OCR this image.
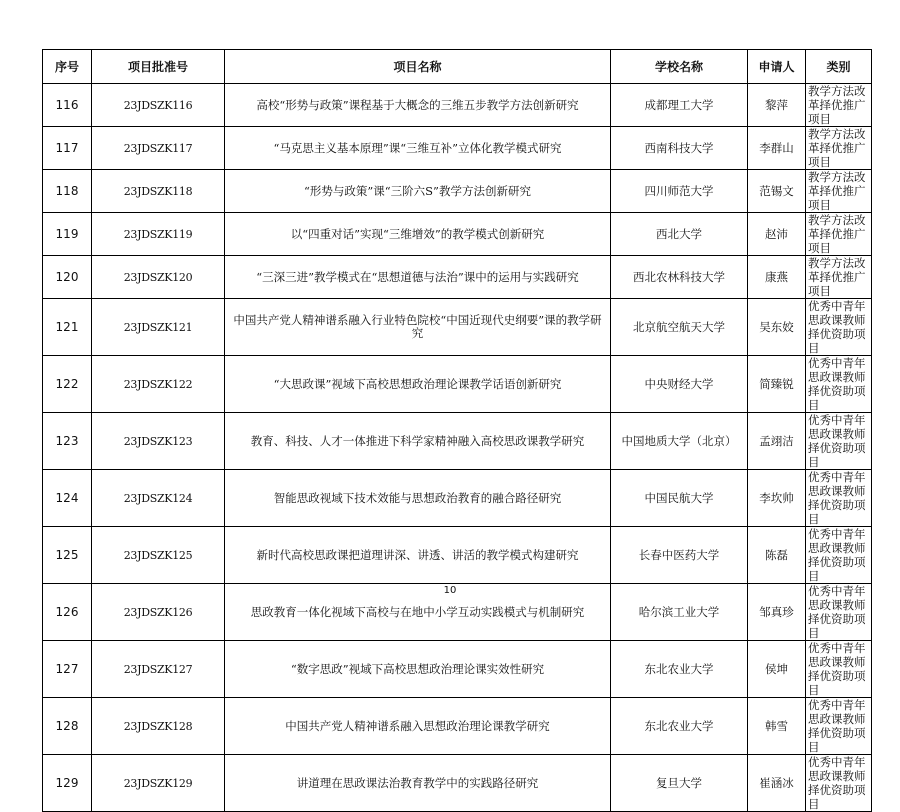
序号	项目批准号	项目名称	学校名称	申请人	类别
116	23JDSZK116	高校“形势与政策”课程基于大概念的三维五步教学方法创新研究	成都理工大学	黎萍	教学方法改革择优推广项目
117	23JDSZK117	“马克思主义基本原理”课“三维互补”立体化教学模式研究	西南科技大学	李群山	教学方法改革择优推广项目
118	23JDSZK118	“形势与政策”课“三阶六S”教学方法创新研究	四川师范大学	范锡文	教学方法改革择优推广项目
119	23JDSZK119	以“四重对话”实现“三维增效”的教学模式创新研究	西北大学	赵沛	教学方法改革择优推广项目
120	23JDSZK120	“三深三进”教学模式在“思想道德与法治”课中的运用与实践研究	西北农林科技大学	康燕	教学方法改革择优推广项目
121	23JDSZK121	中国共产党人精神谱系融入行业特色院校“中国近现代史纲要”课的教学研究	北京航空航天大学	吴东姣	优秀中青年思政课教师择优资助项目
122	23JDSZK122	“大思政课”视域下高校思想政治理论课教学话语创新研究	中央财经大学	简臻锐	优秀中青年思政课教师择优资助项目
123	23JDSZK123	教育、科技、人才一体推进下科学家精神融入高校思政课教学研究	中国地质大学（北京）	孟翊洁	优秀中青年思政课教师择优资助项目
124	23JDSZK124	智能思政视域下技术效能与思想政治教育的融合路径研究	中国民航大学	李坎帅	优秀中青年思政课教师择优资助项目
125	23JDSZK125	新时代高校思政课把道理讲深、讲透、讲活的教学模式构建研究	长春中医药大学	陈磊	优秀中青年思政课教师择优资助项目
126	23JDSZK126	思政教育一体化视域下高校与在地中小学互动实践模式与机制研究	哈尔滨工业大学	邹真珍	优秀中青年思政课教师择优资助项目
127	23JDSZK127	“数字思政”视域下高校思想政治理论课实效性研究	东北农业大学	侯坤	优秀中青年思政课教师择优资助项目
128	23JDSZK128	中国共产党人精神谱系融入思想政治理论课教学研究	东北农业大学	韩雪	优秀中青年思政课教师择优资助项目
129	23JDSZK129	讲道理在思政课法治教育教学中的实践路径研究	复旦大学	崔涵冰	优秀中青年思政课教师择优资助项目
10
